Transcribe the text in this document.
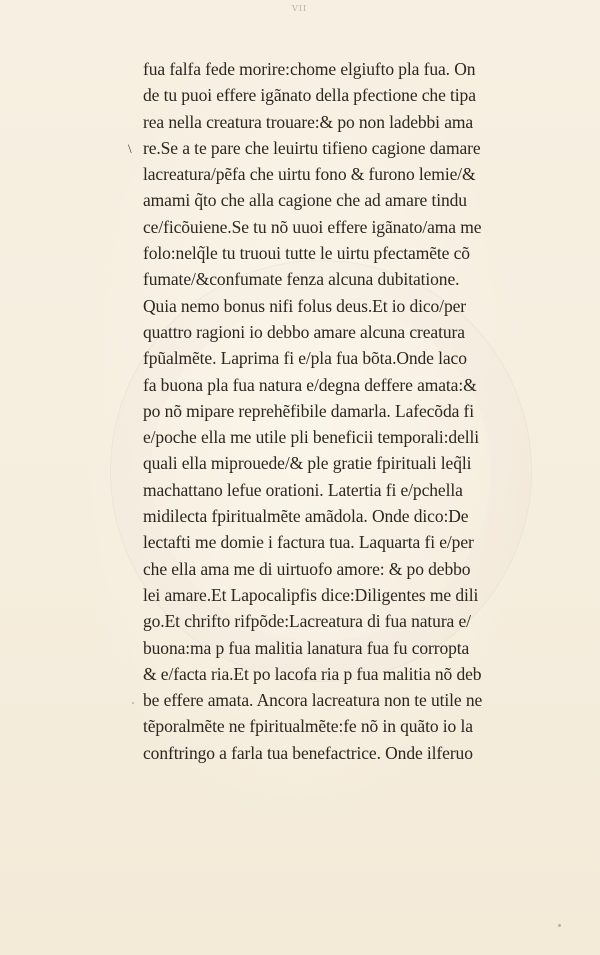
VII
\
fua falfa fede morire:chome elgiufto pla fua. On
de tu puoi effere igãnato della pfectione che tipa
rea nella creatura trouare:& po non ladebbi ama
re.Se a te pare che leuirtu tifieno cagione damare
lacreatura/pẽfa che uirtu fono & furono lemie/&
amami q̃to che alla cagione che ad amare tindu
ce/ficõuiene.Se tu nõ uuoi effere igãnato/ama me
folo:nelq̃le tu truoui tutte le uirtu pfectamẽte cõ
fumate/&confumate fenza alcuna dubitatione.
Quia nemo bonus nifi folus deus.Et io dico/per
quattro ragioni io debbo amare alcuna creatura
fpũalmẽte. Laprima fi e/pla fua bõta.Onde laco
fa buona pla fua natura e/degna deffere amata:&
po nõ mipare reprehẽfibile damarla. Lafecõda fi
e/poche ella me utile pli beneficii temporali:delli
quali ella miprouede/& ple gratie fpirituali leq̃li
machattano lefue orationi. Latertia fi e/pchella
midilecta fpiritualmẽte amãdola. Onde dico:De
lectafti me domie i factura tua. Laquarta fi e/per
che ella ama me di uirtuofo amore: & po debbo
lei amare.Et Lapocalipfis dice:Diligentes me dili
go.Et chrifto rifpõde:Lacreatura di fua natura e/
buona:ma p fua malitia lanatura fua fu corropta
& e/facta ria.Et po lacofa ria p fua malitia nõ deb
be effere amata. Ancora lacreatura non te utile ne
tẽporalmẽte ne fpiritualmẽte:fe nõ in quãto io la
conftringo a farla tua benefactrice. Onde ilferuo
